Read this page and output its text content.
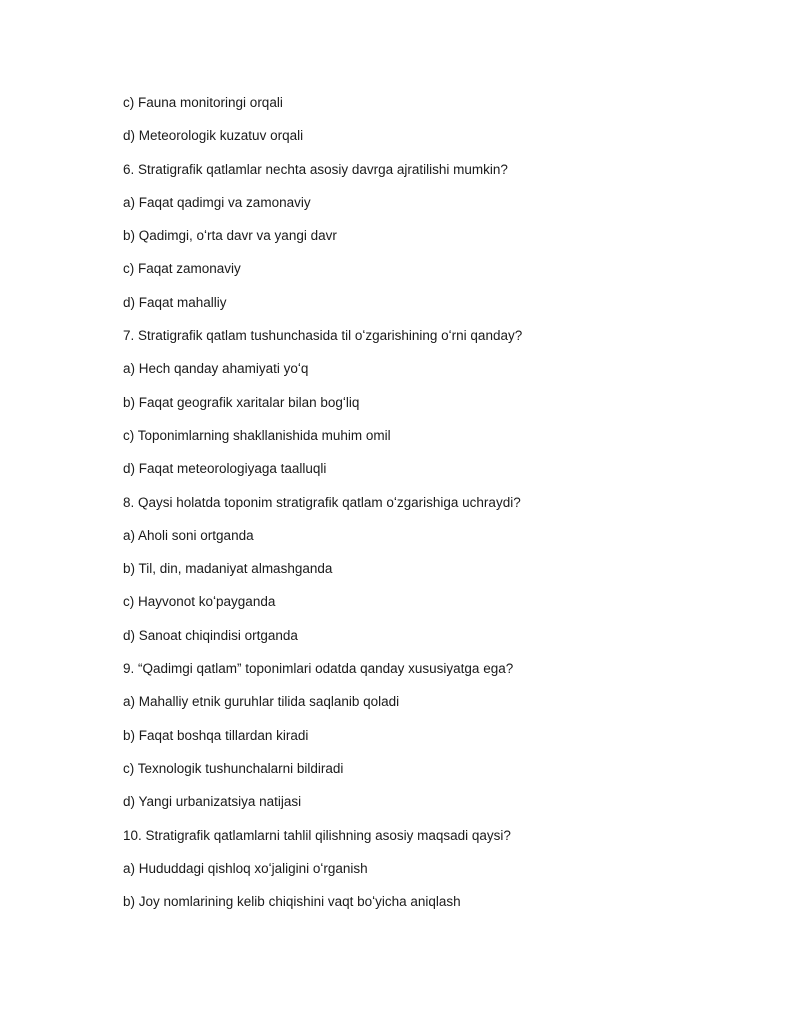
c) Fauna monitoringi orqali

d) Meteorologik kuzatuv orqali

6. Stratigrafik qatlamlar nechta asosiy davrga ajratilishi mumkin?

a) Faqat qadimgi va zamonaviy

b) Qadimgi, oʻrta davr va yangi davr

c) Faqat zamonaviy

d) Faqat mahalliy

7. Stratigrafik qatlam tushunchasida til oʻzgarishining oʻrni qanday?

a) Hech qanday ahamiyati yoʻq

b) Faqat geografik xaritalar bilan bogʻliq

c) Toponimlarning shakllanishida muhim omil

d) Faqat meteorologiyaga taalluqli

8. Qaysi holatda toponim stratigrafik qatlam oʻzgarishiga uchraydi?

a) Aholi soni ortganda

b) Til, din, madaniyat almashganda

c) Hayvonot koʻpayganda

d) Sanoat chiqindisi ortganda

9. “Qadimgi qatlam” toponimlari odatda qanday xususiyatga ega?

a) Mahalliy etnik guruhlar tilida saqlanib qoladi

b) Faqat boshqa tillardan kiradi

c) Texnologik tushunchalarni bildiradi

d) Yangi urbanizatsiya natijasi

10. Stratigrafik qatlamlarni tahlil qilishning asosiy maqsadi qaysi?

a) Hududdagi qishloq xoʻjaligini oʻrganish

b) Joy nomlarining kelib chiqishini vaqt boʻyicha aniqlash
